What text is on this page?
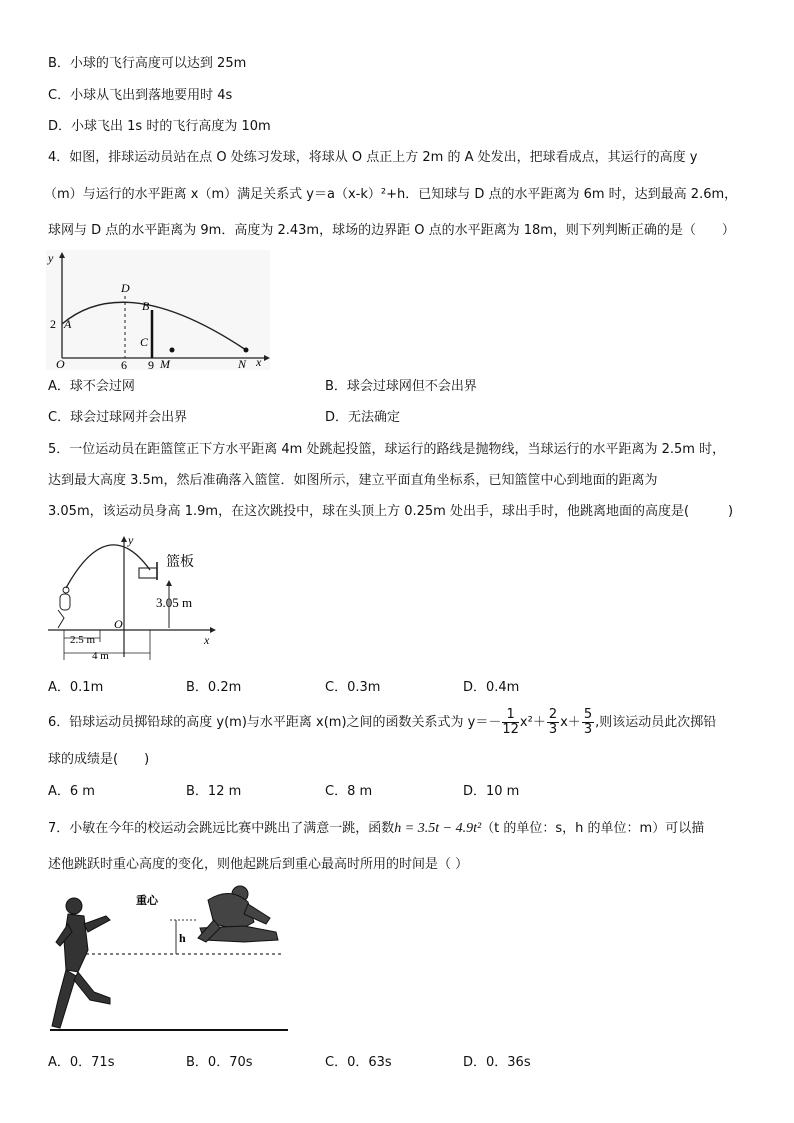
B．小球的飞行高度可以达到 25m
C．小球从飞出到落地要用时 4s
D．小球飞出 1s 时的飞行高度为 10m
4．如图，排球运动员站在点 O 处练习发球，将球从 O 点正上方 2m 的 A 处发出，把球看成点，其运行的高度 y
（m）与运行的水平距离 x（m）满足关系式 y＝a（x-k）²+h．已知球与 D 点的水平距离为 6m 时，达到最高 2.6m，
球网与 D 点的水平距离为 9m．高度为 2.43m，球场的边界距 O 点的水平距离为 18m，则下列判断正确的是（　　）
y
x
D
B
C
A
2
O	6 9 M	N
A．球不会过网	B．球会过球网但不会出界
C．球会过球网并会出界	D．无法确定
5．一位运动员在距篮筐正下方水平距离 4m 处跳起投篮，球运行的路线是抛物线，当球运行的水平距离为 2.5m 时，
达到最大高度 3.5m，然后准确落入篮筐．如图所示，建立平面直角坐标系，已知篮筐中心到地面的距离为
3.05m，该运动员身高 1.9m，在这次跳投中，球在头顶上方 0.25m 处出手，球出手时，他跳离地面的高度是(　　　)
y
x
O
篮板
3.05 m
2.5 m
4 m
A．0.1m	B．0.2m	C．0.3m	D．0.4m
6．铅球运动员掷铅球的高度 y(m)与水平距离 x(m)之间的函数关系式为 $y=- \frac{1}{12} x^2+ \frac{2}{3} x+ \frac{5}{3}$ ,则该运动员此次掷铅
球的成绩是(　　)
A．6 m	B．12 m	C．8 m	D．10 m
7．小敏在今年的校运动会跳远比赛中跳出了满意一跳，函数h = 3.5t − 4.9t²（t 的单位：s，h 的单位：m）可以描
述他跳跃时重心高度的变化，则他起跳后到重心最高时所用的时间是（ ）
h
重心
A．0．71s	B．0．70s	C．0．63s	D．0．36s
